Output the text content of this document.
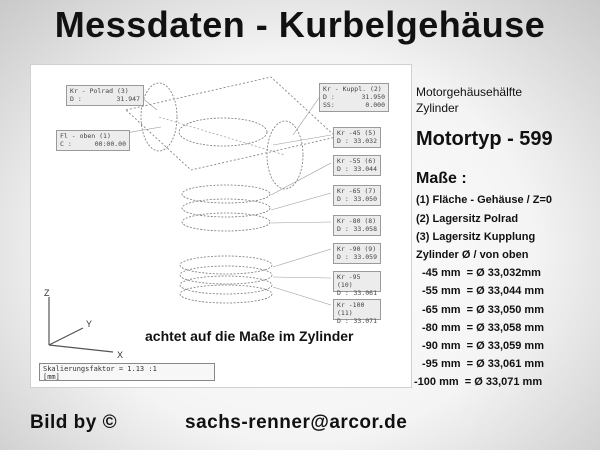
Messdaten - Kurbelgehäuse
Z
Y
X
Kr - Polrad (3)
D :	31.947
Kr - Kuppl. (2)
D :	31.950
SS:	0.000
Fl - oben (1)
C :	00:00.00
Kr -45 (5)
D : 33.032
Kr -55 (6)
D : 33.044
Kr -65 (7)
D : 33.050
Kr -80 (8)
D : 33.058
Kr -90 (9)
D : 33.059
Kr -95 (10)
D : 33.061
Kr -100 (11)
D : 33.071
Skalierungsfaktor = 1.13 :1
[mm]
achtet auf die Maße im Zylinder
Motorgehäusehälfte
Zylinder
Motortyp - 599
Maße :
(1) Fläche - Gehäuse / Z=0
(2) Lagersitz Polrad
(3) Lagersitz Kupplung
Zylinder Ø / von oben
-45 mm  = Ø 33,032mm
-55 mm  = Ø 33,044 mm
-65 mm  = Ø 33,050 mm
-80 mm  = Ø 33,058 mm
-90 mm  = Ø 33,059 mm
-95 mm  = Ø 33,061 mm
-100 mm  = Ø 33,071 mm
Bild by ©	sachs-renner@arcor.de
